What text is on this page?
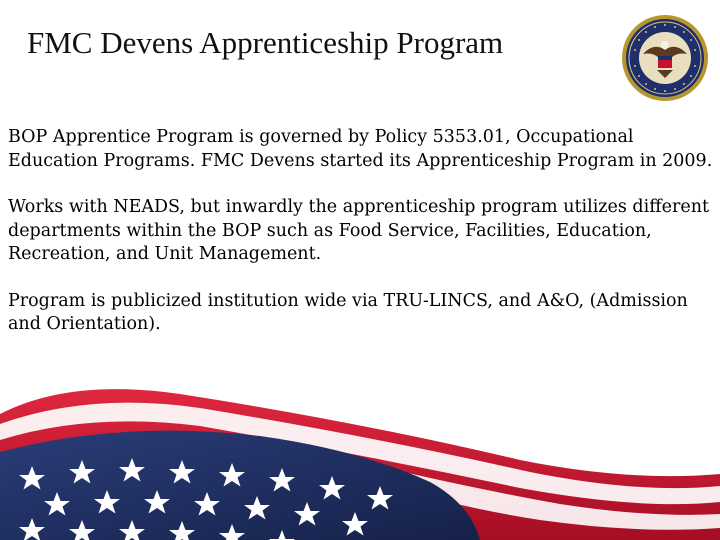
FMC Devens Apprenticeship Program

BOP Apprentice Program is governed by Policy 5353.01, Occupational Education Programs. FMC Devens started its Apprenticeship Program in 2009.

Works with NEADS, but inwardly the apprenticeship program utilizes different departments within the BOP such as Food Service, Facilities, Education, Recreation, and Unit Management.

Program is publicized institution wide via TRU-LINCS, and A&O, (Admission and Orientation).
